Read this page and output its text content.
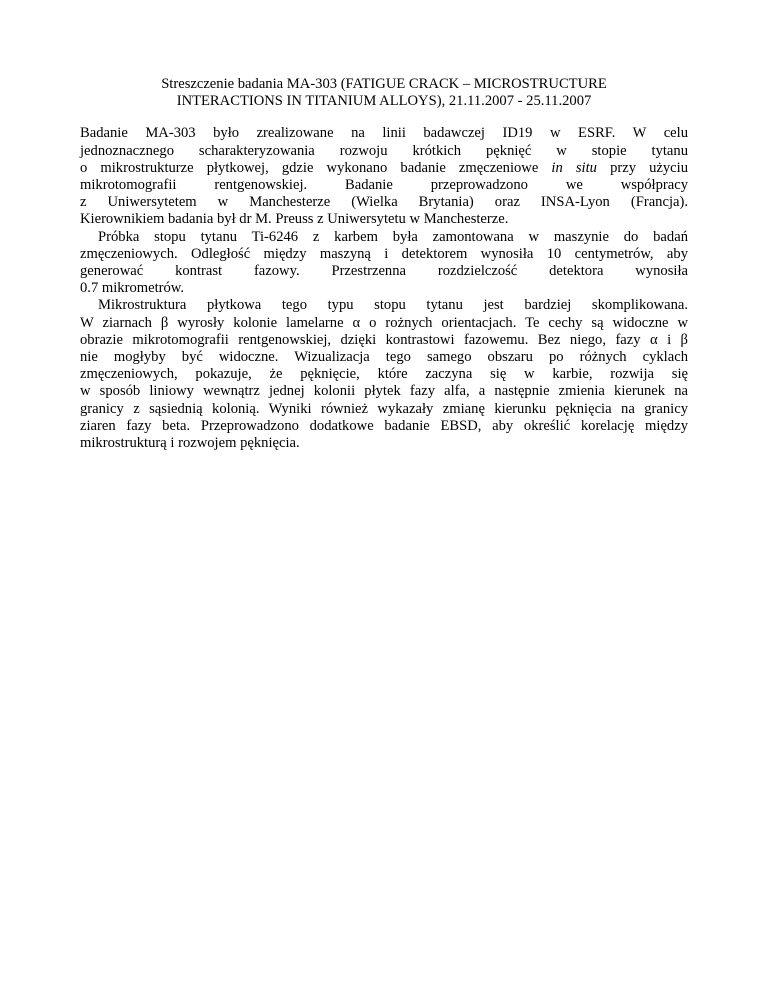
Streszczenie badania MA-303 (FATIGUE CRACK – MICROSTRUCTURE
INTERACTIONS IN TITANIUM ALLOYS), 21.11.2007 - 25.11.2007
Badanie MA-303 było zrealizowane na linii badawczej ID19 w ESRF. W celu
jednoznacznego scharakteryzowania rozwoju krótkich pęknięć w stopie tytanu
o mikrostrukturze płytkowej, gdzie wykonano badanie zmęczeniowe in situ przy użyciu
mikrotomografii rentgenowskiej. Badanie przeprowadzono we współpracy
z Uniwersytetem w Manchesterze (Wielka Brytania) oraz INSA-Lyon (Francja).
Kierownikiem badania był dr M. Preuss z Uniwersytetu w Manchesterze.
Próbka stopu tytanu Ti-6246 z karbem była zamontowana w maszynie do badań
zmęczeniowych. Odległość między maszyną i detektorem wynosiła 10 centymetrów, aby
generować kontrast fazowy. Przestrzenna rozdzielczość detektora wynosiła
0.7 mikrometrów.
Mikrostruktura płytkowa tego typu stopu tytanu jest bardziej skomplikowana.
W ziarnach β wyrosły kolonie lamelarne α o rożnych orientacjach. Te cechy są widoczne w
obrazie mikrotomografii rentgenowskiej, dzięki kontrastowi fazowemu. Bez niego, fazy α i β
nie mogłyby być widoczne. Wizualizacja tego samego obszaru po różnych cyklach
zmęczeniowych, pokazuje, że pęknięcie, które zaczyna się w karbie, rozwija się
w sposób liniowy wewnątrz jednej kolonii płytek fazy alfa, a następnie zmienia kierunek na
granicy z sąsiednią kolonią. Wyniki również wykazały zmianę kierunku pęknięcia na granicy
ziaren fazy beta. Przeprowadzono dodatkowe badanie EBSD, aby określić korelację między
mikrostrukturą i rozwojem pęknięcia.
